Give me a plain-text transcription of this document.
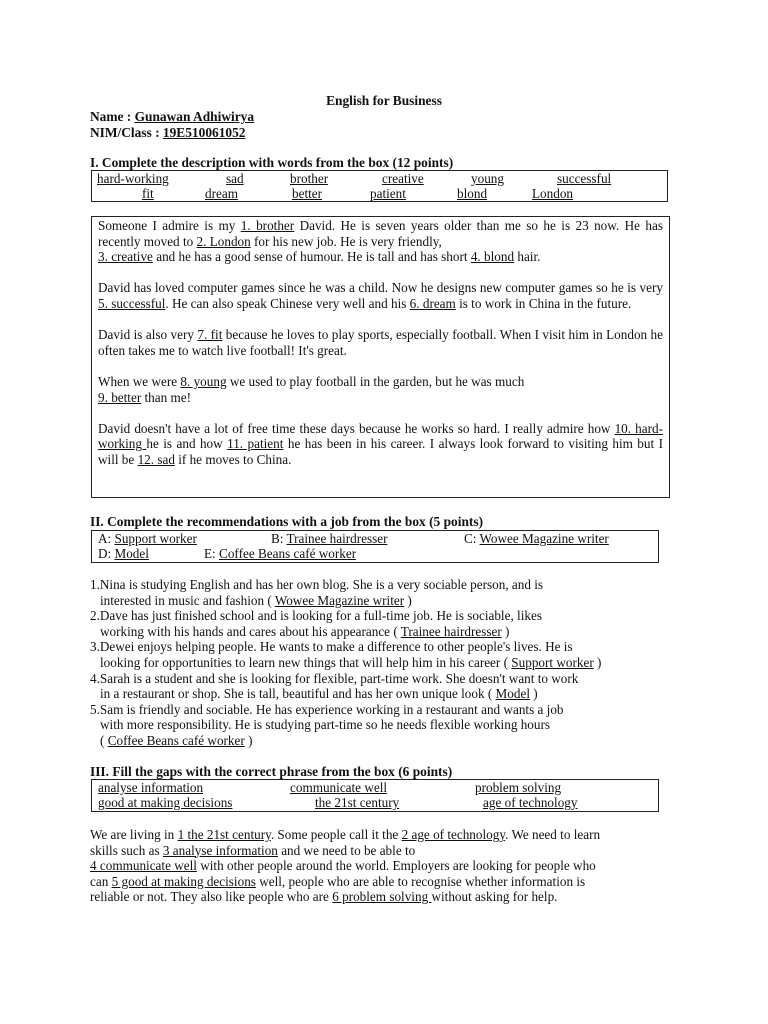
English for Business
Name : Gunawan Adhiwirya
NIM/Class : 19E510061052
I. Complete the description with words from the box (12 points)
hard-working	sad	brother	creative	young	successful
fit	dream	better	patient	blond	London

Someone I admire is my 1. brother David. He is seven years older than me so he is 23 now. He has recently moved to 2. London for his new job. He is very friendly,
3. creative and he has a good sense of humour. He is tall and has short 4. blond hair.

David has loved computer games since he was a child. Now he designs new computer games so he is very 5. successful. He can also speak Chinese very well and his 6. dream is to work in China in the future.

David is also very 7. fit because he loves to play sports, especially football. When I visit him in London he often takes me to watch live football! It's great.

When we were 8. young we used to play football in the garden, but he was much
9. better than me!

David doesn't have a lot of free time these days because he works so hard. I really admire how 10. hard-working he is and how 11. patient he has been in his career. I always look forward to visiting him but I will be 12. sad if he moves to China.

II. Complete the recommendations with a job from the box (5 points)
A: Support worker	B: Trainee hairdresser	C: Wowee Magazine writer
D: Model	E: Coffee Beans café worker
1.Nina is studying English and has her own blog. She is a very sociable person, and is
interested in music and fashion ( Wowee Magazine writer )
2.Dave has just finished school and is looking for a full-time job. He is sociable, likes
working with his hands and cares about his appearance ( Trainee hairdresser )
3.Dewei enjoys helping people. He wants to make a difference to other people's lives. He is
looking for opportunities to learn new things that will help him in his career ( Support worker )
4.Sarah is a student and she is looking for flexible, part-time work. She doesn't want to work
in a restaurant or shop. She is tall, beautiful and has her own unique look ( Model )
5.Sam is friendly and sociable. He has experience working in a restaurant and wants a job
with more responsibility. He is studying part-time so he needs flexible working hours
( Coffee Beans café worker )
III. Fill the gaps with the correct phrase from the box (6 points)
analyse information	communicate well	problem solving
good at making decisions	the 21st century	age of technology
We are living in 1 the 21st century. Some people call it the 2 age of technology. We need to learn
skills such as 3 analyse information and we need to be able to
4 communicate well with other people around the world. Employers are looking for people who
can 5 good at making decisions well, people who are able to recognise whether information is
reliable or not. They also like people who are 6 problem solving without asking for help.
